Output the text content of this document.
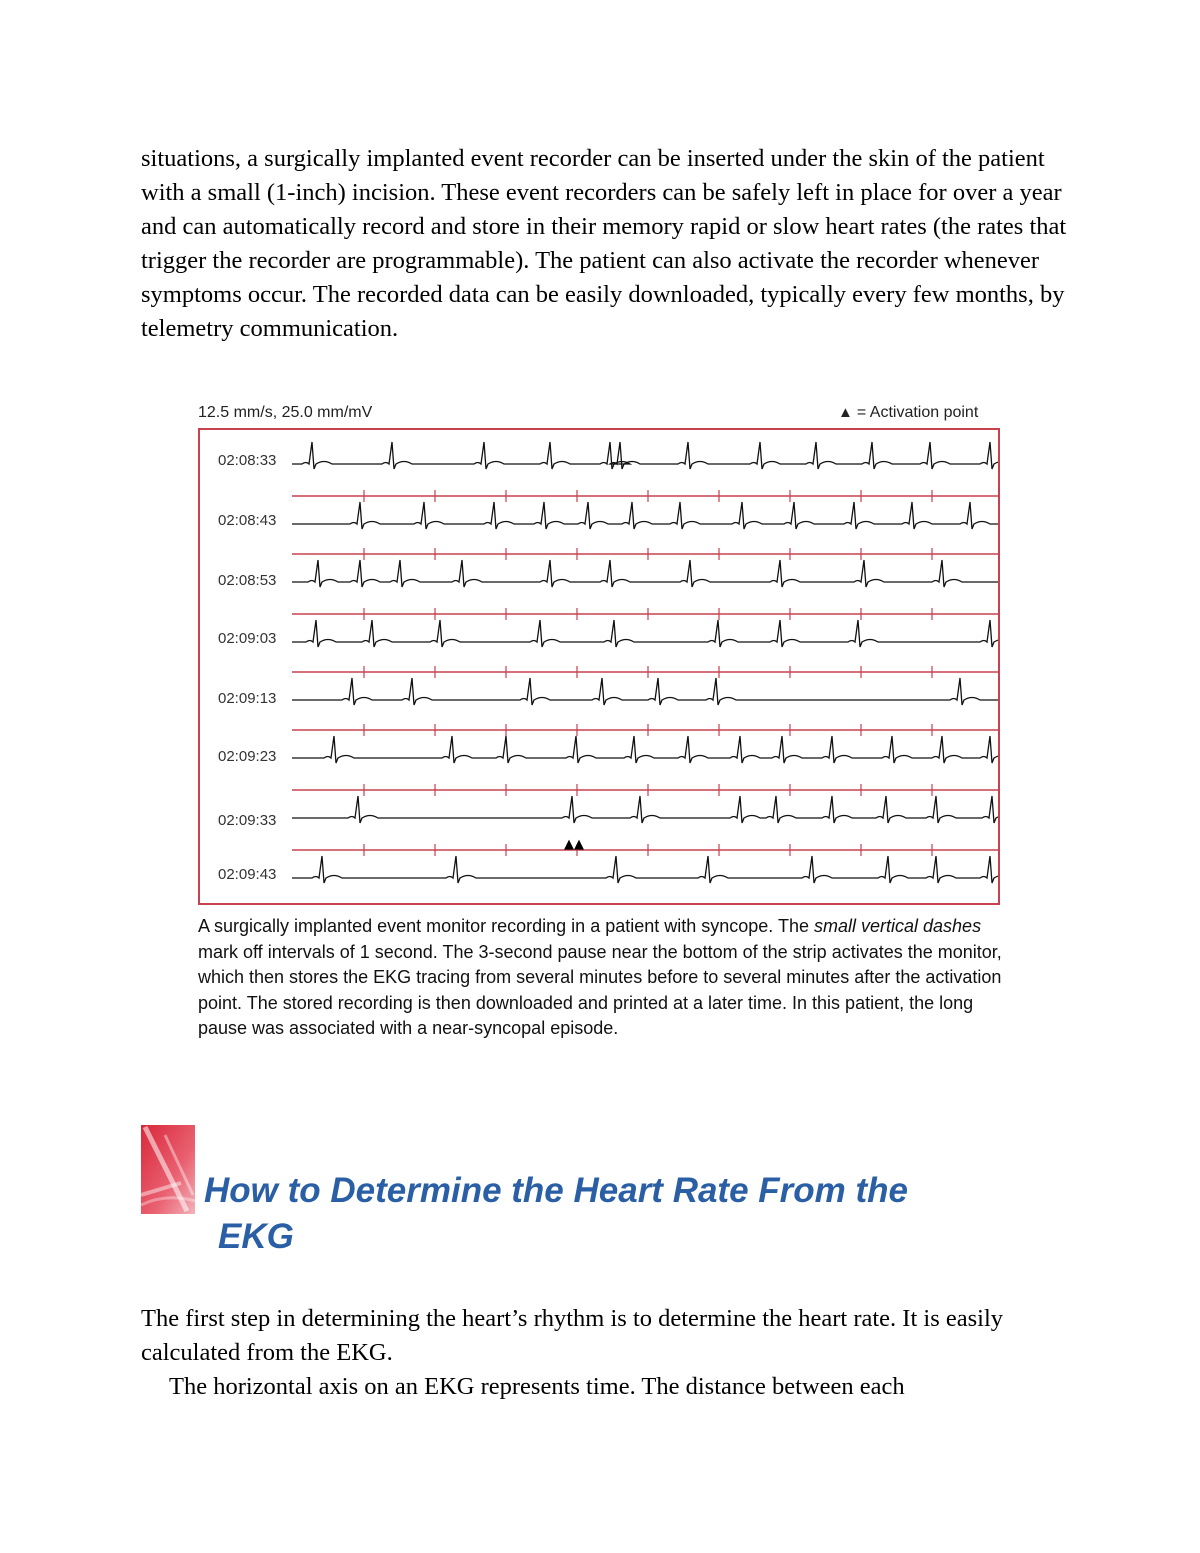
situations, a surgically implanted event recorder can be inserted under the skin of the patient with a small (1-inch) incision. These event recorders can be safely left in place for over a year and can automatically record and store in their memory rapid or slow heart rates (the rates that trigger the recorder are programmable). The patient can also activate the recorder whenever symptoms occur. The recorded data can be easily downloaded, typically every few months, by telemetry communication.

12.5 mm/s, 25.0 mm/mV	▲ = Activation point
▲▲
02:08:33
02:08:43
02:08:53
02:09:03
02:09:13
02:09:23
02:09:33
02:09:43

A surgically implanted event monitor recording in a patient with syncope. The small vertical dashes mark off intervals of 1 second. The 3-second pause near the bottom of the strip activates the monitor, which then stores the EKG tracing from several minutes before to several minutes after the activation point. The stored recording is then downloaded and printed at a later time. In this patient, the long pause was associated with a near-syncopal episode.

How to Determine the Heart Rate From the
EKG

The first step in determining the heart’s rhythm is to determine the heart rate. It is easily calculated from the EKG.

The horizontal axis on an EKG represents time. The distance between each
